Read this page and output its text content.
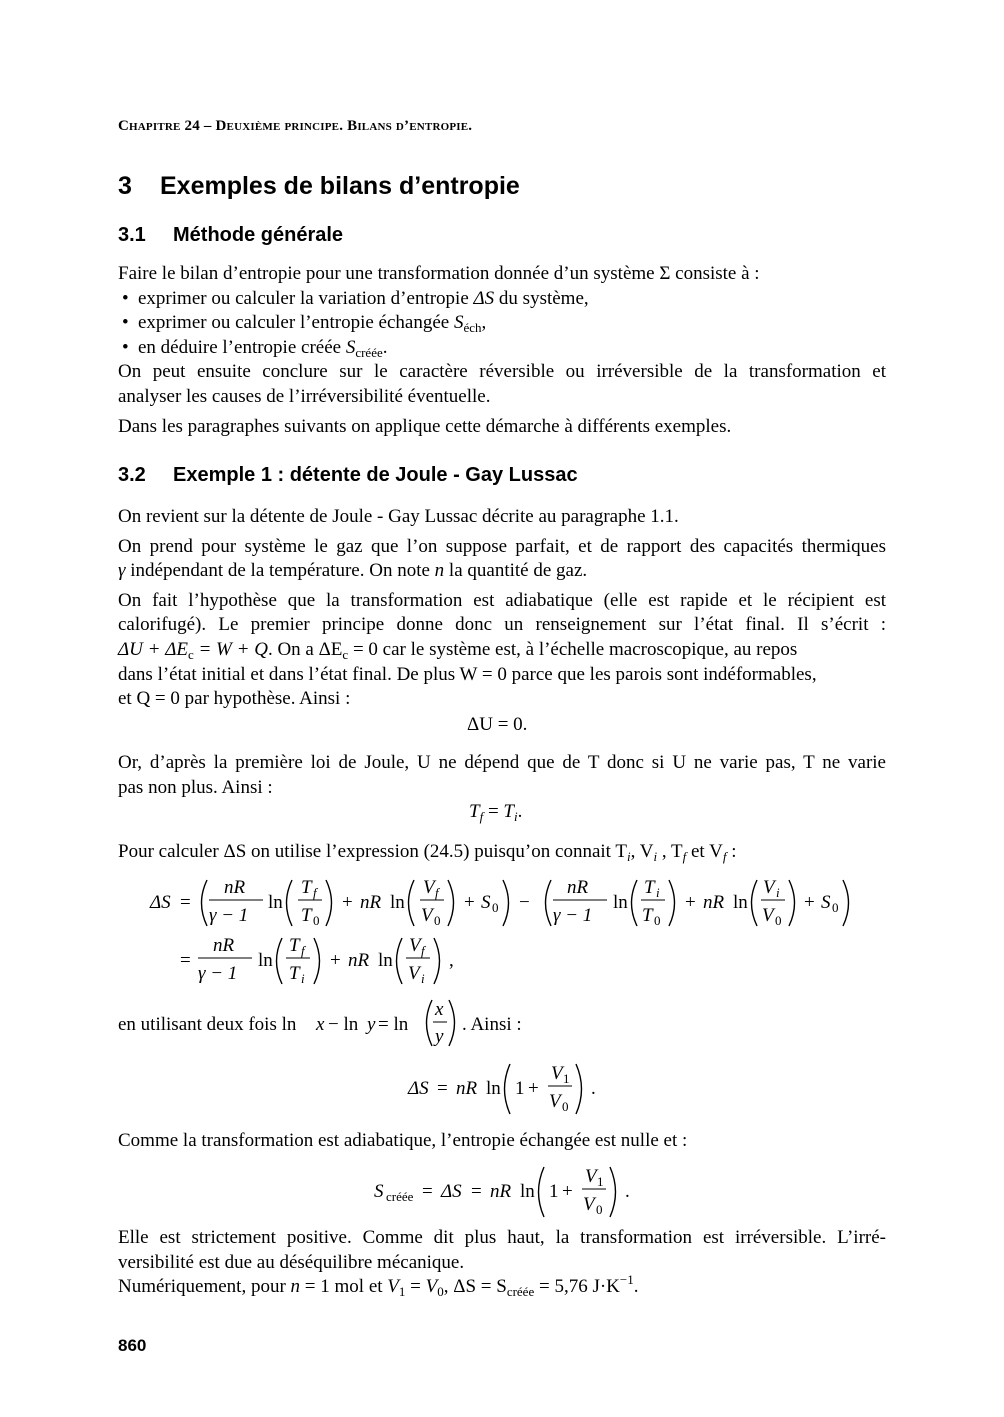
Chapitre 24 – Deuxième principe. Bilans d’entropie.
3 Exemples de bilans d’entropie
3.1 Méthode générale
Faire le bilan d’entropie pour une transformation donnée d’un système Σ consiste à :
• exprimer ou calculer la variation d’entropie ΔS du système,
• exprimer ou calculer l’entropie échangée $S_{éch}$,
• en déduire l’entropie créée $S_{créée}$.
On peut ensuite conclure sur le caractère réversible ou irréversible de la transformation et
analyser les causes de l’irréversibilité éventuelle.
Dans les paragraphes suivants on applique cette démarche à différents exemples.
3.2 Exemple 1 : détente de Joule - Gay Lussac
On revient sur la détente de Joule - Gay Lussac décrite au paragraphe 1.1.
On prend pour système le gaz que l’on suppose parfait, et de rapport des capacités thermiques
γ indépendant de la température. On note n la quantité de gaz.
On fait l’hypothèse que la transformation est adiabatique (elle est rapide et le récipient est
calorifugé). Le premier principe donne donc un renseignement sur l’état final. Il s’écrit :
$\Delta U + \Delta E_c = W + Q$. On a $\Delta E_c = 0$ car le système est, à l’échelle macroscopique, au repos
dans l’état initial et dans l’état final. De plus W = 0 parce que les parois sont indéformables,
et Q = 0 par hypothèse. Ainsi :
ΔU = 0.
Or, d’après la première loi de Joule, U ne dépend que de T donc si U ne varie pas, T ne varie
pas non plus. Ainsi :
$T_f = T_i$.
Pour calculer ΔS on utilise l’expression (24.5) puisqu’on connait $T_i$, $V_i$ , $T_f$ et $V_f$ :
ΔS =
nR
γ − 1
ln
T f
T 0
+ nR ln
V f
V 0
+ S 0 −
nR
γ − 1
ln
T i
T 0
+ nR ln
V i
V 0
+ S 0
=
nR
γ − 1
ln
T f
T i
+ nR ln
V f
V i
,
en utilisant deux fois ln x − ln y = ln
x
y
. Ainsi :
ΔS = nR ln 1 +
V 1
V 0
.
S créée = ΔS = nR ln 1 +
V 1
V 0
.
Comme la transformation est adiabatique, l’entropie échangée est nulle et :
Elle est strictement positive. Comme dit plus haut, la transformation est irréversible. L’irré-
versibilité est due au déséquilibre mécanique.
Numériquement, pour n = 1 mol et $V_1 = V_0$, $\Delta S = S_{créée} = 5,76$ $J\cdot K^{-1}$.
860
